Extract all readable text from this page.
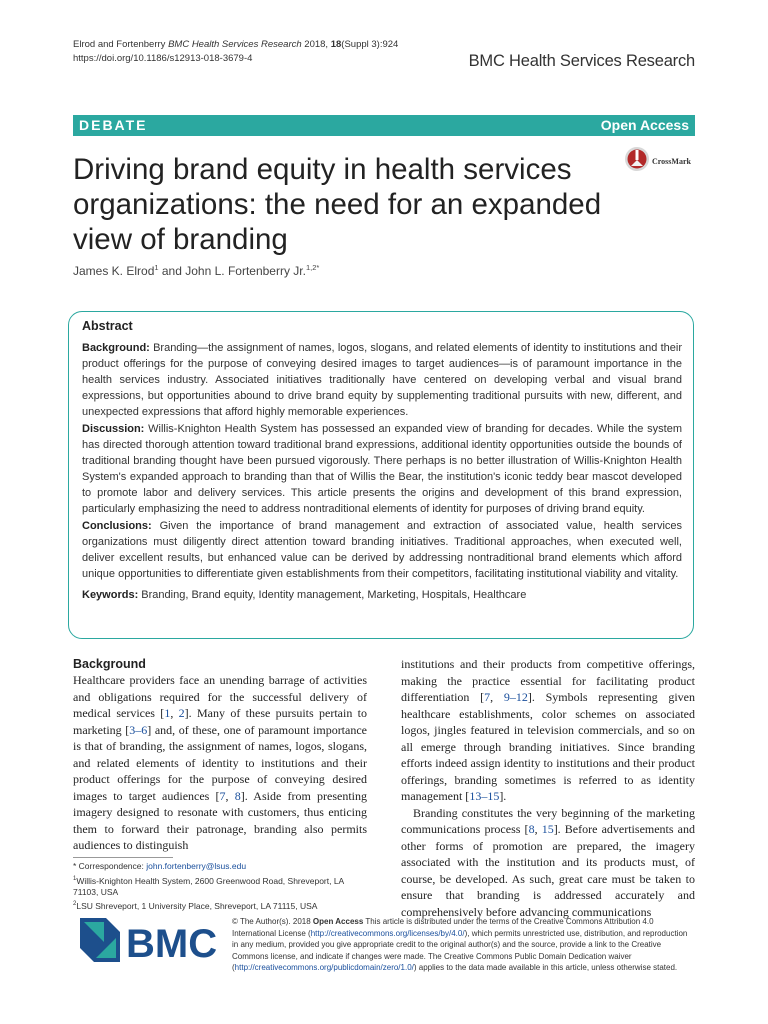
Elrod and Fortenberry BMC Health Services Research 2018, 18(Suppl 3):924
https://doi.org/10.1186/s12913-018-3679-4	BMC Health Services Research
DEBATE	Open Access
Driving brand equity in health services organizations: the need for an expanded view of branding
CrossMark
James K. Elrod$^1$ and John L. Fortenberry Jr.$^{1,2*}$
Abstract

Background: Branding—the assignment of names, logos, slogans, and related elements of identity to institutions and their product offerings for the purpose of conveying desired images to target audiences—is of paramount importance in the health services industry. Associated initiatives traditionally have centered on developing verbal and visual brand expressions, but opportunities abound to drive brand equity by supplementing traditional pursuits with new, different, and unexpected expressions that afford highly memorable experiences.

Discussion: Willis-Knighton Health System has possessed an expanded view of branding for decades. While the system has directed thorough attention toward traditional brand expressions, additional identity opportunities outside the bounds of traditional branding thought have been pursued vigorously. There perhaps is no better illustration of Willis-Knighton Health System's expanded approach to branding than that of Willis the Bear, the institution's iconic teddy bear mascot developed to promote labor and delivery services. This article presents the origins and development of this brand expression, particularly emphasizing the need to address nontraditional elements of identity for purposes of driving brand equity.

Conclusions: Given the importance of brand management and extraction of associated value, health services organizations must diligently direct attention toward branding initiatives. Traditional approaches, when executed well, deliver excellent results, but enhanced value can be derived by addressing nontraditional brand elements which afford unique opportunities to differentiate given establishments from their competitors, facilitating institutional viability and vitality.

Keywords: Branding, Brand equity, Identity management, Marketing, Hospitals, Healthcare

Background

Healthcare providers face an unending barrage of activities and obligations required for the successful delivery of medical services [1, 2]. Many of these pursuits pertain to marketing [3–6] and, of these, one of paramount importance is that of branding, the assignment of names, logos, slogans, and related elements of identity to institutions and their product offerings for the purpose of conveying desired images to target audiences [7, 8]. Aside from presenting imagery designed to resonate with customers, thus enticing them to forward their patronage, branding also permits audiences to distinguish

institutions and their products from competitive offerings, making the practice essential for facilitating product differentiation [7, 9–12]. Symbols representing given healthcare establishments, color schemes on associated logos, jingles featured in television commercials, and so on all emerge through branding initiatives. Since branding efforts indeed assign identity to institutions and their product offerings, branding sometimes is referred to as identity management [13–15].

Branding constitutes the very beginning of the marketing communications process [8, 15]. Before advertisements and other forms of promotion are prepared, the imagery associated with the institution and its products must, of course, be developed. As such, great care must be taken to ensure that branding is addressed accurately and comprehensively before advancing communications

* Correspondence: john.fortenberry@lsus.edu

$^1$Willis-Knighton Health System, 2600 Greenwood Road, Shreveport, LA 71103, USA

$^2$LSU Shreveport, 1 University Place, Shreveport, LA 71115, USA

BMC
© The Author(s). 2018 Open Access This article is distributed under the terms of the Creative Commons Attribution 4.0 International License (http://creativecommons.org/licenses/by/4.0/), which permits unrestricted use, distribution, and reproduction in any medium, provided you give appropriate credit to the original author(s) and the source, provide a link to the Creative Commons license, and indicate if changes were made. The Creative Commons Public Domain Dedication waiver (http://creativecommons.org/publicdomain/zero/1.0/) applies to the data made available in this article, unless otherwise stated.
